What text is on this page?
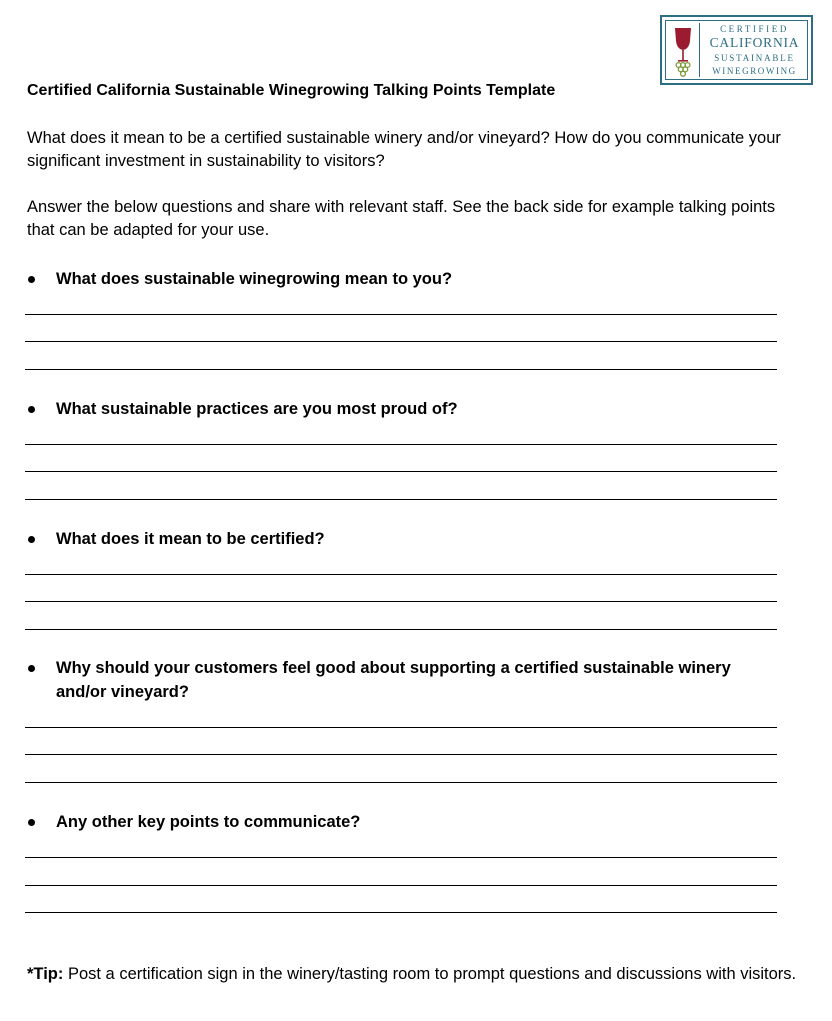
CERTIFIED
CALIFORNIA
SUSTAINABLE
WINEGROWING
Certified California Sustainable Winegrowing Talking Points Template
What does it mean to be a certified sustainable winery and/or vineyard? How do you communicate your significant investment in sustainability to visitors?
Answer the below questions and share with relevant staff. See the back side for example talking points that can be adapted for your use.
What does sustainable winegrowing mean to you?
What sustainable practices are you most proud of?
What does it mean to be certified?
Why should your customers feel good about supporting a certified sustainable winery and/or vineyard?
Any other key points to communicate?
*Tip: Post a certification sign in the winery/tasting room to prompt questions and discussions with visitors.
